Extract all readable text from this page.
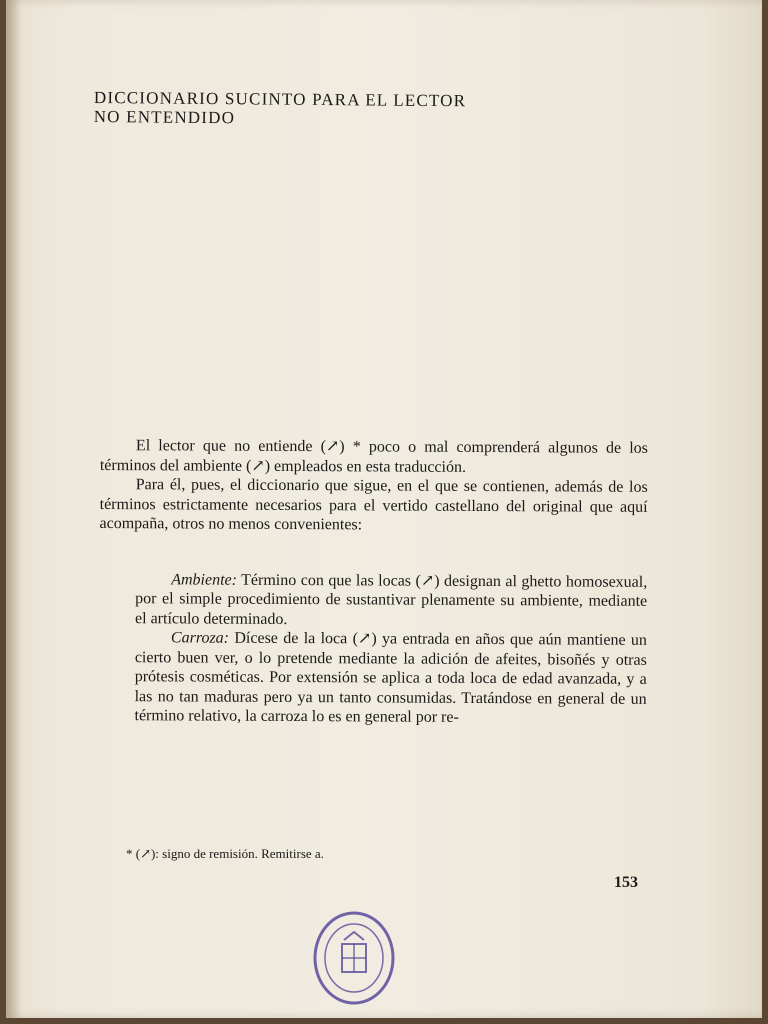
DICCIONARIO SUCINTO PARA EL LECTOR
NO ENTENDIDO

El lector que no entiende (↗) * poco o mal comprenderá algunos de los términos del ambiente (↗) empleados en esta traducción.

Para él, pues, el diccionario que sigue, en el que se contienen, además de los términos estrictamente necesarios para el vertido castellano del original que aquí acompaña, otros no menos convenientes:

Ambiente: Término con que las locas (↗) designan al ghetto homosexual, por el simple procedimiento de sustantivar plenamente su ambiente, mediante el artículo determinado.

Carroza: Dícese de la loca (↗) ya entrada en años que aún mantiene un cierto buen ver, o lo pretende mediante la adición de afeites, bisoñés y otras prótesis cosméticas. Por extensión se aplica a toda loca de edad avanzada, y a las no tan maduras pero ya un tanto consumidas. Tratándose en general de un término relativo, la carroza lo es en general por re-

* (↗): signo de remisión. Remitirse a.
153
